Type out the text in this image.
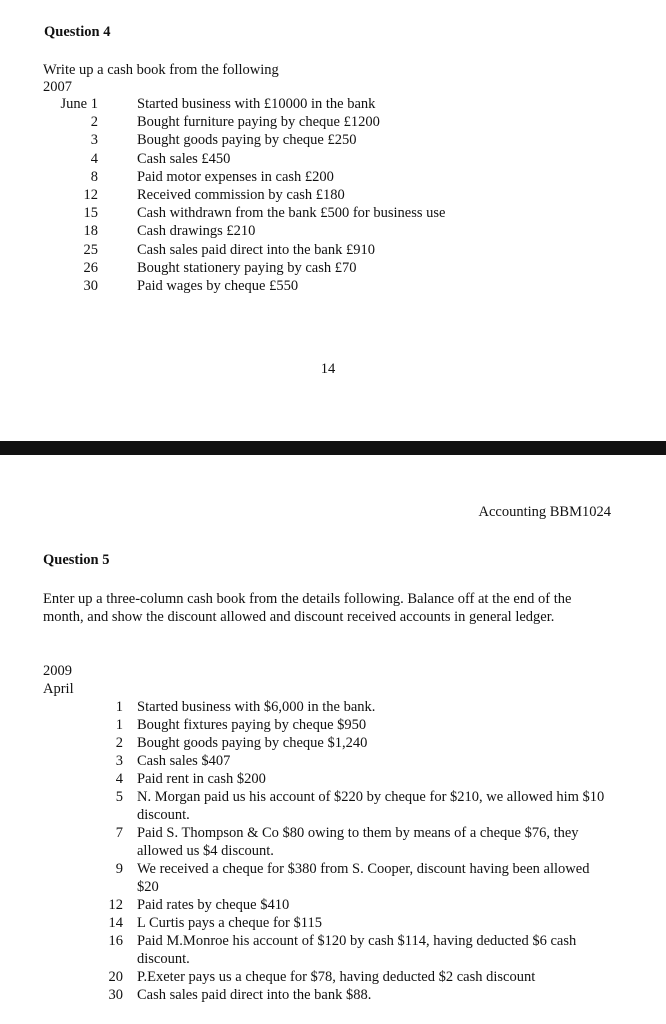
Question 4
Write up a cash book from the following
2007
June 1	Started business with £10000 in the bank
2	Bought furniture paying by cheque £1200
3	Bought goods paying by cheque £250
4	Cash sales £450
8	Paid motor expenses in cash £200
12	Received commission by cash £180
15	Cash withdrawn from the bank £500 for business use
18	Cash drawings £210
25	Cash sales paid direct into the bank £910
26	Bought stationery paying by cash £70
30	Paid wages by cheque £550
14
Accounting BBM1024
Question 5
Enter up a three-column cash book from the details following. Balance off at the end of the month, and show the discount allowed and discount received accounts in general ledger.
2009
April
1 Started business with $6,000 in the bank.
1 Bought fixtures paying by cheque $950
2 Bought goods paying by cheque $1,240
3 Cash sales $407
4 Paid rent in cash $200
5 N. Morgan paid us his account of $220 by cheque for $210, we allowed him $10 discount.
7 Paid S. Thompson & Co $80 owing to them by means of a cheque $76, they allowed us $4 discount.
9 We received a cheque for $380 from S. Cooper, discount having been allowed $20
12 Paid rates by cheque $410
14 L Curtis pays a cheque for $115
16 Paid M.Monroe his account of $120 by cash $114, having deducted $6 cash discount.
20 P.Exeter pays us a cheque for $78, having deducted $2 cash discount
30 Cash sales paid direct into the bank $88.
